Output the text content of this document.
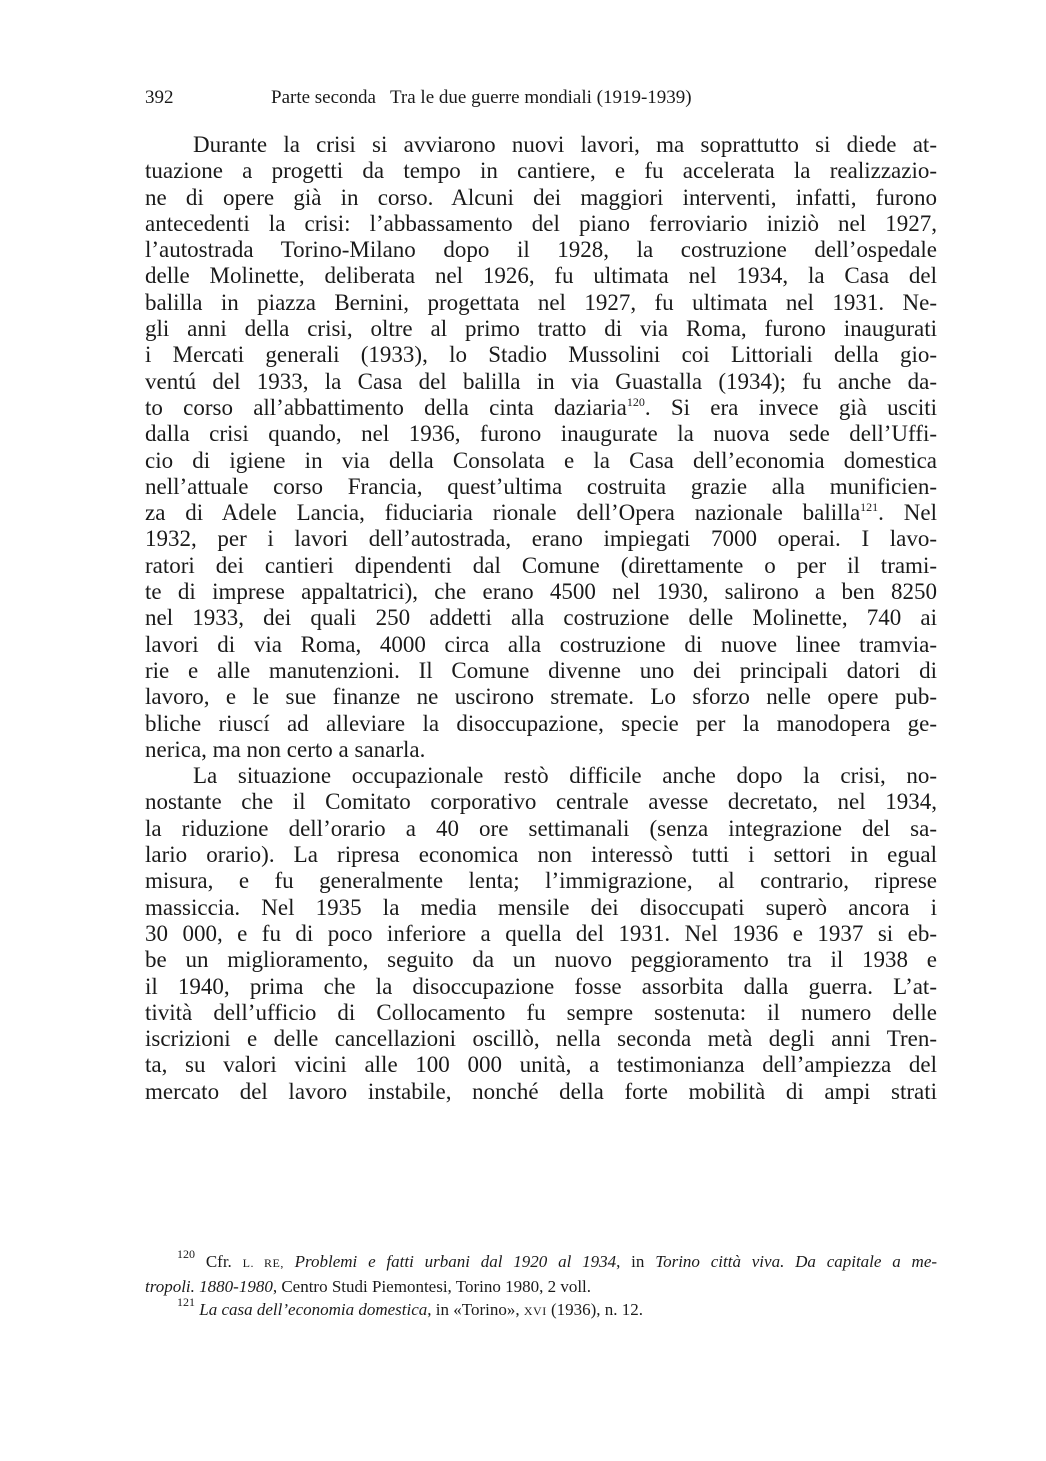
392	Parte seconda Tra le due guerre mondiali (1919-1939)
Durante la crisi si avviarono nuovi lavori, ma soprattutto si diede at-
tuazione a progetti da tempo in cantiere, e fu accelerata la realizzazio-
ne di opere già in corso. Alcuni dei maggiori interventi, infatti, furono
antecedenti la crisi: l’abbassamento del piano ferroviario iniziò nel 1927,
l’autostrada Torino-Milano dopo il 1928, la costruzione dell’ospedale
delle Molinette, deliberata nel 1926, fu ultimata nel 1934, la Casa del
balilla in piazza Bernini, progettata nel 1927, fu ultimata nel 1931. Ne-
gli anni della crisi, oltre al primo tratto di via Roma, furono inaugurati
i Mercati generali (1933), lo Stadio Mussolini coi Littoriali della gio-
ventú del 1933, la Casa del balilla in via Guastalla (1934); fu anche da-
to corso all’abbattimento della cinta daziaria$^{120}$. Si era invece già usciti
dalla crisi quando, nel 1936, furono inaugurate la nuova sede dell’Uffi-
cio di igiene in via della Consolata e la Casa dell’economia domestica
nell’attuale corso Francia, quest’ultima costruita grazie alla munificien-
za di Adele Lancia, fiduciaria rionale dell’Opera nazionale balilla$^{121}$. Nel
1932, per i lavori dell’autostrada, erano impiegati 7000 operai. I lavo-
ratori dei cantieri dipendenti dal Comune (direttamente o per il trami-
te di imprese appaltatrici), che erano 4500 nel 1930, salirono a ben 8250
nel 1933, dei quali 250 addetti alla costruzione delle Molinette, 740 ai
lavori di via Roma, 4000 circa alla costruzione di nuove linee tramvia-
rie e alle manutenzioni. Il Comune divenne uno dei principali datori di
lavoro, e le sue finanze ne uscirono stremate. Lo sforzo nelle opere pub-
bliche riuscí ad alleviare la disoccupazione, specie per la manodopera ge-
nerica, ma non certo a sanarla.
La situazione occupazionale restò difficile anche dopo la crisi, no-
nostante che il Comitato corporativo centrale avesse decretato, nel 1934,
la riduzione dell’orario a 40 ore settimanali (senza integrazione del sa-
lario orario). La ripresa economica non interessò tutti i settori in egual
misura, e fu generalmente lenta; l’immigrazione, al contrario, riprese
massiccia. Nel 1935 la media mensile dei disoccupati superò ancora i
30 000, e fu di poco inferiore a quella del 1931. Nel 1936 e 1937 si eb-
be un miglioramento, seguito da un nuovo peggioramento tra il 1938 e
il 1940, prima che la disoccupazione fosse assorbita dalla guerra. L’at-
tività dell’ufficio di Collocamento fu sempre sostenuta: il numero delle
iscrizioni e delle cancellazioni oscillò, nella seconda metà degli anni Tren-
ta, su valori vicini alle 100 000 unità, a testimonianza dell’ampiezza del
mercato del lavoro instabile, nonché della forte mobilità di ampi strati
$^{120}$ Cfr. L. RE, Problemi e fatti urbani dal 1920 al 1934, in Torino città viva. Da capitale a me-
tropoli. 1880-1980, Centro Studi Piemontesi, Torino 1980, 2 voll.
$^{121}$ La casa dell’economia domestica, in «Torino», XVI (1936), n. 12.
